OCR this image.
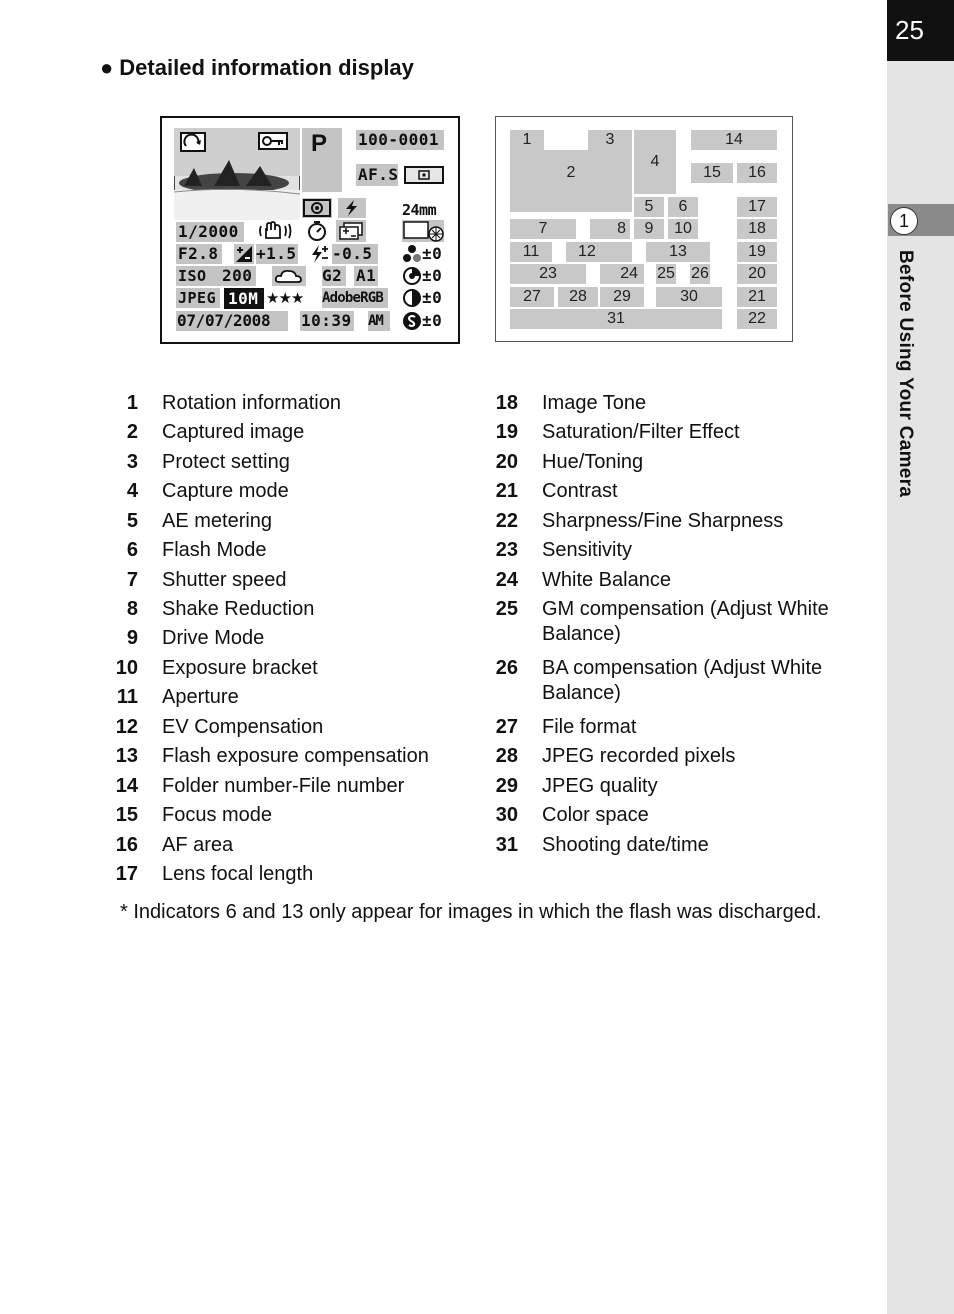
25
1
Before Using Your Camera
● Detailed information display
P 100-0001
AF.S
24mm
1/2000
F2.8 +1.5 -0.5	±0
ISO 200	G2 A1	±0
JPEG 10M ★★★ AdobeRGB ±0
07/07/2008 10:39 AM ±0
1
2
3
4
14
15	16
5	6	17
7	8	9	10	18
11	12	13	19
23	24	25 26	20
27	28	29	30	21
31	22
1 Rotation information
2 Captured image
3 Protect setting
4 Capture mode
5 AE metering
6 Flash Mode
7 Shutter speed
8 Shake Reduction
9 Drive Mode
10 Exposure bracket
11 Aperture
12 EV Compensation
13 Flash exposure compensation
14 Folder number-File number
15 Focus mode
16 AF area
17 Lens focal length
18 Image Tone
19 Saturation/Filter Effect
20 Hue/Toning
21 Contrast
22 Sharpness/Fine Sharpness
23 Sensitivity
24 White Balance
25 GM compensation (Adjust White
Balance)
26 BA compensation (Adjust White
Balance)
27 File format
28 JPEG recorded pixels
29 JPEG quality
30 Color space
31 Shooting date/time
* Indicators 6 and 13 only appear for images in which the flash was discharged.
